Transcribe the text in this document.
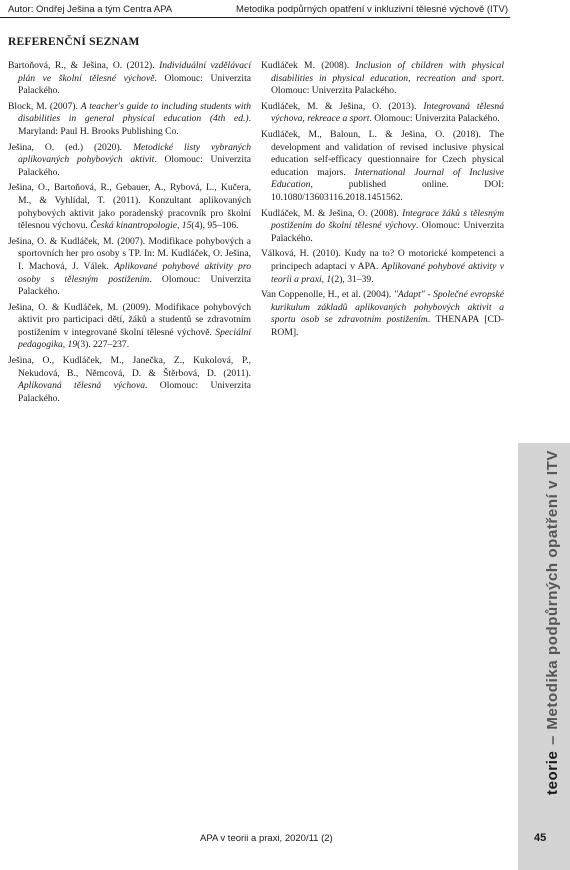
Autor: Ondřej Ješina a tým Centra APA	Metodika podpůrných opatření v inkluzivní tělesné výchově (ITV)
REFERENČNÍ SEZNAM

Bartoňová, R., & Ješina, O. (2012). Individuální vzdělávací plán ve školní tělesné výchově. Olomouc: Univerzita Palackého.

Block, M. (2007). A teacher's guide to including students with disabilities in general physical education (4th ed.). Maryland: Paul H. Brooks Publishing Co.

Ješina, O. (ed.) (2020). Metodické listy vybraných aplikovaných pohybových aktivit. Olomouc: Univerzita Palackého.

Ješina, O., Bartoňová, R., Gebauer, A., Rybová, L., Kučera, M., & Vyhlídal, T. (2011). Konzultant aplikovaných pohybových aktivit jako poradenský pracovník pro školní tělesnou výchovu. Česká kinantropologie, 15(4), 95–106.

Ješina, O. & Kudláček, M. (2007). Modifikace pohybových a sportovních her pro osoby s TP. In: M. Kudláček, O. Ješina, I. Machová, J. Válek. Aplikované pohybové aktivity pro osoby s tělesným postižením. Olomouc: Univerzita Palackého.

Ješina, O. & Kudláček, M. (2009). Modifikace pohybových aktivit pro participaci dětí, žáků a studentů se zdravotním postižením v integrované školní tělesné výchově. Speciální pedagogika, 19(3). 227–237.

Ješina, O., Kudláček, M., Janečka, Z., Kukolová, P., Nekudová, B., Němcová, D. & Štěrbová, D. (2011). Aplikovaná tělesná výchova. Olomouc: Univerzita Palackého.

Kudláček M. (2008). Inclusion of children with physical disabilities in physical education, recreation and sport. Olomouc: Univerzita Palackého.

Kudláček, M. & Ješina, O. (2013). Integrovaná tělesná výchova, rekreace a sport. Olomouc: Univerzita Palackého.

Kudláček, M., Baloun, L. & Ješina, O. (2018). The development and validation of revised inclusive physical education self-efficacy questionnaire for Czech physical education majors. International Journal of Inclusive Education, published online. DOI: 10.1080/13603116.2018.1451562.

Kudláček, M. & Ješina, O. (2008). Integrace žáků s tělesným postižením do školní tělesné výchovy. Olomouc: Univerzita Palackého.

Válková, H. (2010). Kudy na to? O motorické kompetenci a principech adaptací v APA. Aplikované pohybové aktivity v teorii a praxi, 1(2), 31–39.

Van Coppenolle, H., et al. (2004). "Adapt" - Společné evropské kurikulum základů aplikovaných pohybových aktivit a sportu osob se zdravotním postižením. THENAPA [CD-ROM].

teorie–Metodika podpůrných opatření v ITV
APA v teorii a praxi, 2020/11 (2)	45
